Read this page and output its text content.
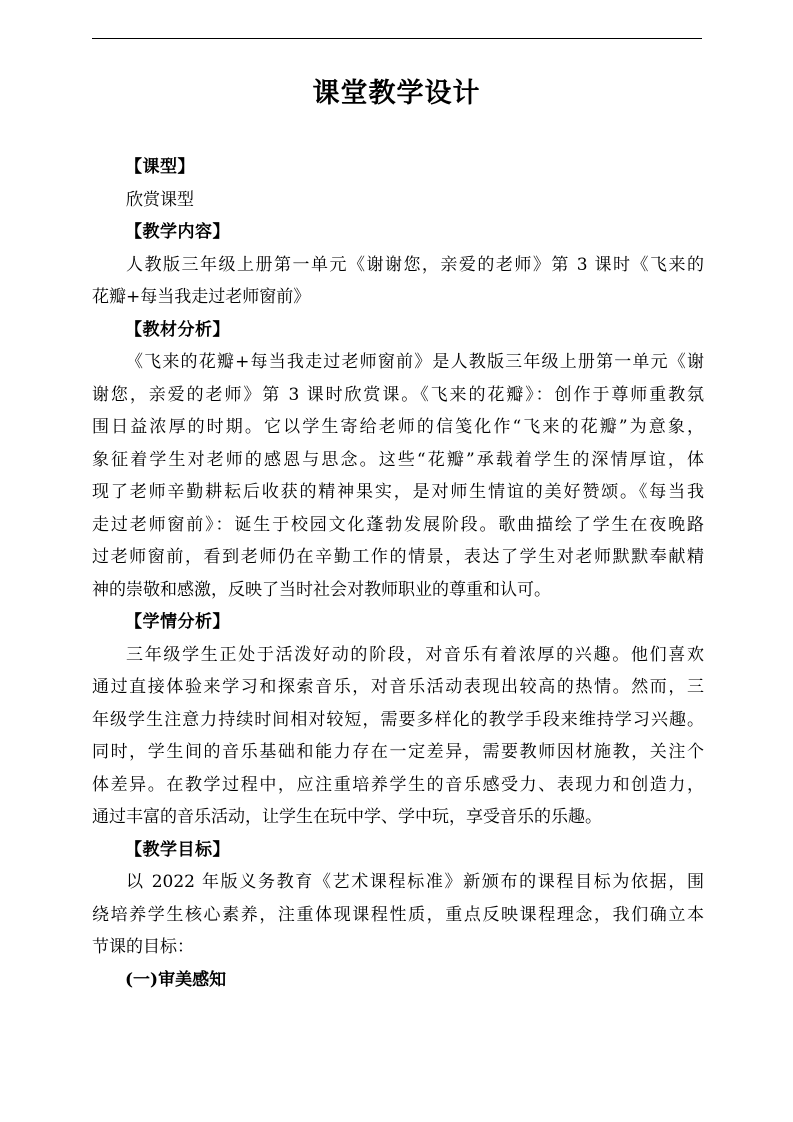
课堂教学设计
【课型】
欣赏课型
【教学内容】
人教版三年级上册第一单元《谢谢您，亲爱的老师》第 3 课时《飞来的
花瓣+每当我走过老师窗前》
【教材分析】
《飞来的花瓣+每当我走过老师窗前》是人教版三年级上册第一单元《谢
谢您，亲爱的老师》第 3 课时欣赏课。《飞来的花瓣》：创作于尊师重教氛
围日益浓厚的时期。它以学生寄给老师的信笺化作“飞来的花瓣”为意象，
象征着学生对老师的感恩与思念。这些“花瓣”承载着学生的深情厚谊，体
现了老师辛勤耕耘后收获的精神果实，是对师生情谊的美好赞颂。《每当我
走过老师窗前》：诞生于校园文化蓬勃发展阶段。歌曲描绘了学生在夜晚路
过老师窗前，看到老师仍在辛勤工作的情景，表达了学生对老师默默奉献精
神的崇敬和感激，反映了当时社会对教师职业的尊重和认可。
【学情分析】
三年级学生正处于活泼好动的阶段，对音乐有着浓厚的兴趣。他们喜欢
通过直接体验来学习和探索音乐，对音乐活动表现出较高的热情。然而，三
年级学生注意力持续时间相对较短，需要多样化的教学手段来维持学习兴趣。
同时，学生间的音乐基础和能力存在一定差异，需要教师因材施教，关注个
体差异。在教学过程中，应注重培养学生的音乐感受力、表现力和创造力，
通过丰富的音乐活动，让学生在玩中学、学中玩，享受音乐的乐趣。
【教学目标】
以 2022 年版义务教育《艺术课程标准》新颁布的课程目标为依据，围
绕培养学生核心素养，注重体现课程性质，重点反映课程理念，我们确立本
节课的目标：
(一)审美感知
